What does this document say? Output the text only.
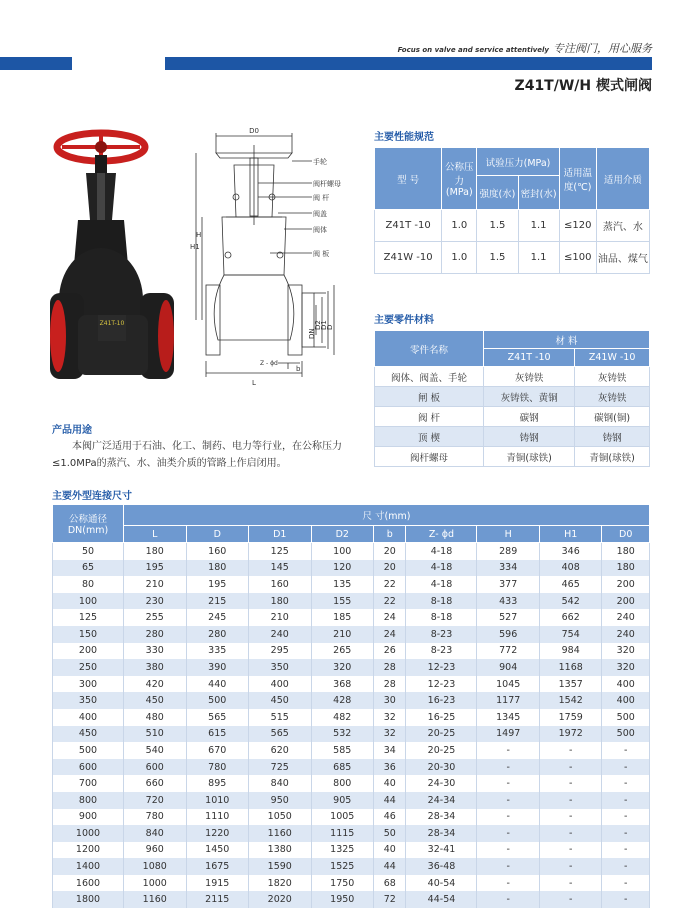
Focus on valve and service attentively 专注阀门，用心服务
Z41T/W/H 楔式闸阀
Z41T-10
D0
H1
H
L
DN
D2
D1
D
b
Z - ϕd
手轮
阀杆螺母
阀 杆
阀盖
阀体
阀 板
主要性能规范
型 号	公称压力(MPa)	试验压力(MPa)		适用温度(℃)	适用介质
		强度(水)	密封(水)		
Z41T -10	1.0	1.5	1.1	≤120	蒸汽、水
Z41W -10	1.0	1.5	1.1	≤100	油品、煤气
主要零件材料
零件名称	材 料	
	Z41T -10	Z41W -10
阀体、阀盖、手轮	灰铸铁	灰铸铁
闸 板	灰铸铁、黄铜	灰铸铁
阀 杆	碳钢	碳钢(铜)
顶 楔	铸钢	铸钢
阀杆螺母	青铜(球铁)	青铜(球铁)
产品用途
本阀广泛适用于石油、化工、制药、电力等行业，在公称压力≤1.0MPa的蒸汽、水、油类介质的管路上作启闭用。
主要外型连接尺寸
公称通径DN(mm)	尺 寸(mm)								
	L	D	D1	D2	b	Z- ϕd	H	H1	D0
50	180	160	125	100	20	4-18	289	346	180
65	195	180	145	120	20	4-18	334	408	180
80	210	195	160	135	22	4-18	377	465	200
100	230	215	180	155	22	8-18	433	542	200
125	255	245	210	185	24	8-18	527	662	240
150	280	280	240	210	24	8-23	596	754	240
200	330	335	295	265	26	8-23	772	984	320
250	380	390	350	320	28	12-23	904	1168	320
300	420	440	400	368	28	12-23	1045	1357	400
350	450	500	450	428	30	16-23	1177	1542	400
400	480	565	515	482	32	16-25	1345	1759	500
450	510	615	565	532	32	20-25	1497	1972	500
500	540	670	620	585	34	20-25	-	-	-
600	600	780	725	685	36	20-30	-	-	-
700	660	895	840	800	40	24-30	-	-	-
800	720	1010	950	905	44	24-34	-	-	-
900	780	1110	1050	1005	46	28-34	-	-	-
1000	840	1220	1160	1115	50	28-34	-	-	-
1200	960	1450	1380	1325	40	32-41	-	-	-
1400	1080	1675	1590	1525	44	36-48	-	-	-
1600	1000	1915	1820	1750	68	40-54	-	-	-
1800	1160	2115	2020	1950	72	44-54	-	-	-
